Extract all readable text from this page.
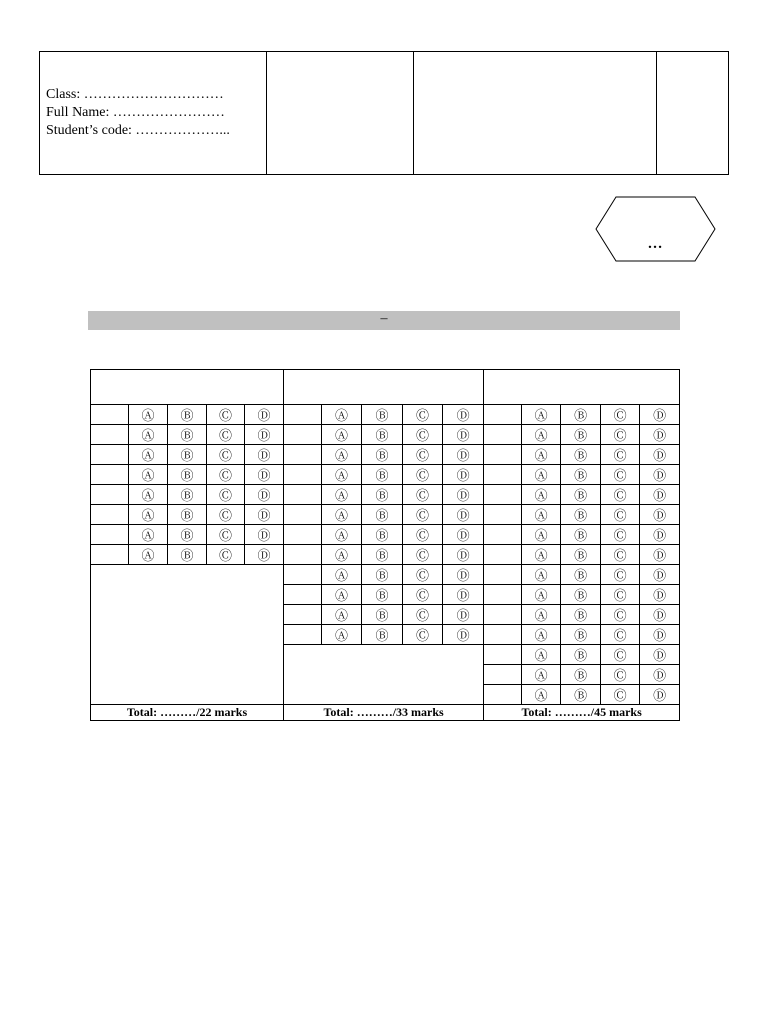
Class: …………………………
Full Name: ……………………
Student’s code: ………………...

…
–

	Ⓐ	Ⓑ	Ⓒ	Ⓓ		Ⓐ	Ⓑ	Ⓒ	Ⓓ		Ⓐ	Ⓑ	Ⓒ	Ⓓ
	Ⓐ	Ⓑ	Ⓒ	Ⓓ		Ⓐ	Ⓑ	Ⓒ	Ⓓ		Ⓐ	Ⓑ	Ⓒ	Ⓓ
	Ⓐ	Ⓑ	Ⓒ	Ⓓ		Ⓐ	Ⓑ	Ⓒ	Ⓓ		Ⓐ	Ⓑ	Ⓒ	Ⓓ
	Ⓐ	Ⓑ	Ⓒ	Ⓓ		Ⓐ	Ⓑ	Ⓒ	Ⓓ		Ⓐ	Ⓑ	Ⓒ	Ⓓ
	Ⓐ	Ⓑ	Ⓒ	Ⓓ		Ⓐ	Ⓑ	Ⓒ	Ⓓ		Ⓐ	Ⓑ	Ⓒ	Ⓓ
	Ⓐ	Ⓑ	Ⓒ	Ⓓ		Ⓐ	Ⓑ	Ⓒ	Ⓓ		Ⓐ	Ⓑ	Ⓒ	Ⓓ
	Ⓐ	Ⓑ	Ⓒ	Ⓓ		Ⓐ	Ⓑ	Ⓒ	Ⓓ		Ⓐ	Ⓑ	Ⓒ	Ⓓ
	Ⓐ	Ⓑ	Ⓒ	Ⓓ		Ⓐ	Ⓑ	Ⓒ	Ⓓ		Ⓐ	Ⓑ	Ⓒ	Ⓓ
						Ⓐ	Ⓑ	Ⓒ	Ⓓ		Ⓐ	Ⓑ	Ⓒ	Ⓓ
						Ⓐ	Ⓑ	Ⓒ	Ⓓ		Ⓐ	Ⓑ	Ⓒ	Ⓓ
						Ⓐ	Ⓑ	Ⓒ	Ⓓ		Ⓐ	Ⓑ	Ⓒ	Ⓓ
						Ⓐ	Ⓑ	Ⓒ	Ⓓ		Ⓐ	Ⓑ	Ⓒ	Ⓓ
											Ⓐ	Ⓑ	Ⓒ	Ⓓ
											Ⓐ	Ⓑ	Ⓒ	Ⓓ
											Ⓐ	Ⓑ	Ⓒ	Ⓓ
Total: ………/22 marks					Total: ………/33 marks					Total: ………/45 marks				
